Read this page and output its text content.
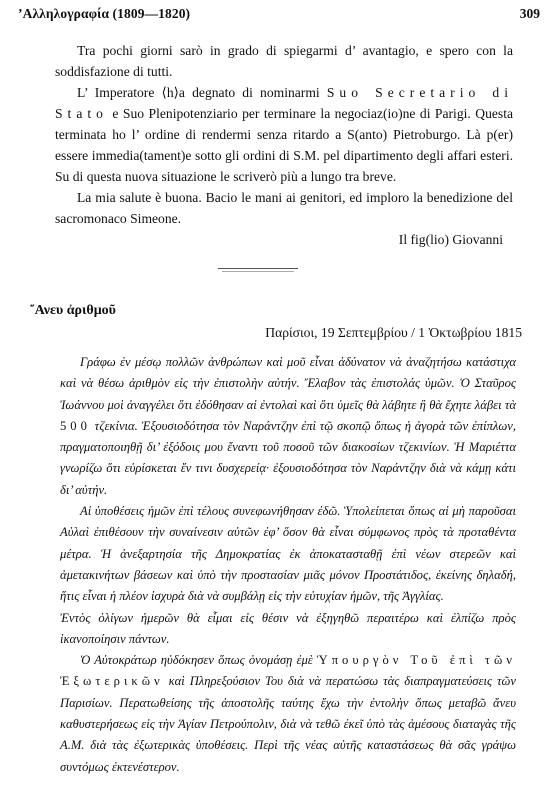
’Αλληλογραφία (1809—1820)	309

Tra pochi giorni sarò in grado di spiegarmi d’ avantagio, e spero con la soddisfazione di tutti.

L’ Imperatore ⟨h⟩a degnato di nominarmi Suo Secretario di Stato e Suo Plenipotenziario per terminare la negociaz(io)ne di Parigi. Questa terminata ho l’ ordine di rendermi senza ritardo a S(anto) Pietroburgo. Là p(er) essere immedia(tament)e sotto gli ordini di S.M. pel dipartimento degli affari esteri. Su di questa nuova situazione le scriverò più a lungo tra breve.

La mia salute è buona. Bacio le mani ai genitori, ed imploro la benedizione del sacromonaco Simeone.

Il fig(lio) Giovanni

῎Ανευ ἀριθμοῦ
Παρίσιοι, 19 Σεπτεμβρίου / 1 Ὀκτωβρίου 1815

Γράφω ἐν μέσῳ πολλῶν ἀνθρώπων καὶ μοῦ εἶναι ἀδύνατον νὰ ἀναζητήσω κατάστιχα καὶ νὰ θέσω ἀριθμὸν εἰς τὴν ἐπιστολὴν αὐτήν. Ἔλαβον τὰς ἐπιστολάς ὑμῶν. Ὁ Σταῦρος Ἰωάννου μοὶ ἀναγγέλει ὅτι ἐδόθησαν αἱ ἐντολαὶ καὶ ὅτι ὑμεῖς θὰ λάβητε ἢ θὰ ἔχητε λάβει τὰ 500 τζεκίνια. Ἐξουσιοδότησα τὸν Ναράντζην ἐπὶ τῷ σκοπῷ ὅπως ἡ ἀγορὰ τῶν ἐπίπλων, πραγματοποιηθῇ δι’ ἐξόδοις μου ἔναντι τοῦ ποσοῦ τῶν διακοσίων τζεκινίων. Ἡ Μαριέττα γνωρίζω ὅτι εὑρίσκεται ἔν τινι δυσχερείᾳ· ἐξουσιοδότησα τὸν Ναράντζην διὰ νὰ κάμῃ κάτι δι’ αὐτήν.

Αἱ ὑποθέσεις ἡμῶν ἐπὶ τέλους συνεφωνήθησαν ἐδῶ. Ὑπολείπεται ὅπως αἱ μὴ παροῦσαι Αὐλαὶ ἐπιθέσουν τὴν συναίνεσιν αὐτῶν ἐφ’ ὅσον θὰ εἶναι σύμφωνος πρὸς τὰ προταθέντα μέτρα. Ἡ ἀνεξαρτησία τῆς Δημοκρατίας ἐκ ἀποκατασταθῇ ἐπὶ νέων στερεῶν καὶ ἀμετακινήτων βάσεων καὶ ὑπὸ τὴν προστασίαν μιᾶς μόνον Προστάτιδος, ἐκείνης δηλαδή, ἥτις εἶναι ἡ πλέον ἰσχυρὰ διὰ νὰ συμβάλῃ εἰς τὴν εὐτυχίαν ἡμῶν, τῆς Ἀγγλίας.

Ἐντὸς ὀλίγων ἡμερῶν θὰ εἶμαι εἰς θέσιν νὰ ἐξηγηθῶ περαιτέρω καὶ ἐλπίζω πρὸς ἱκανοποίησιν πάντων.

Ὁ Αὐτοκράτωρ ηὐδόκησεν ὅπως ὀνομάσῃ ἐμὲ Ὑπουργὸν Τοῦ ἐπὶ τῶν Ἐξωτερικῶν καὶ Πληρεξούσιον Του διὰ νὰ περατώσω τὰς διαπραγματεύσεις τῶν Παρισίων. Περατωθείσης τῆς ἀποστολῆς ταύτης ἔχω τὴν ἐντολὴν ὅπως μεταβῶ ἄνευ καθυστερήσεως εἰς τὴν Ἁγίαν Πετρούπολιν, διὰ νὰ τεθῶ ἐκεῖ ὑπὸ τὰς ἀμέσους διαταγὰς τῆς Α.Μ. διὰ τὰς ἐξωτερικὰς ὑποθέσεις. Περὶ τῆς νέας αὐτῆς καταστάσεως θὰ σᾶς γράψω συντόμως ἐκτενέστερον.
